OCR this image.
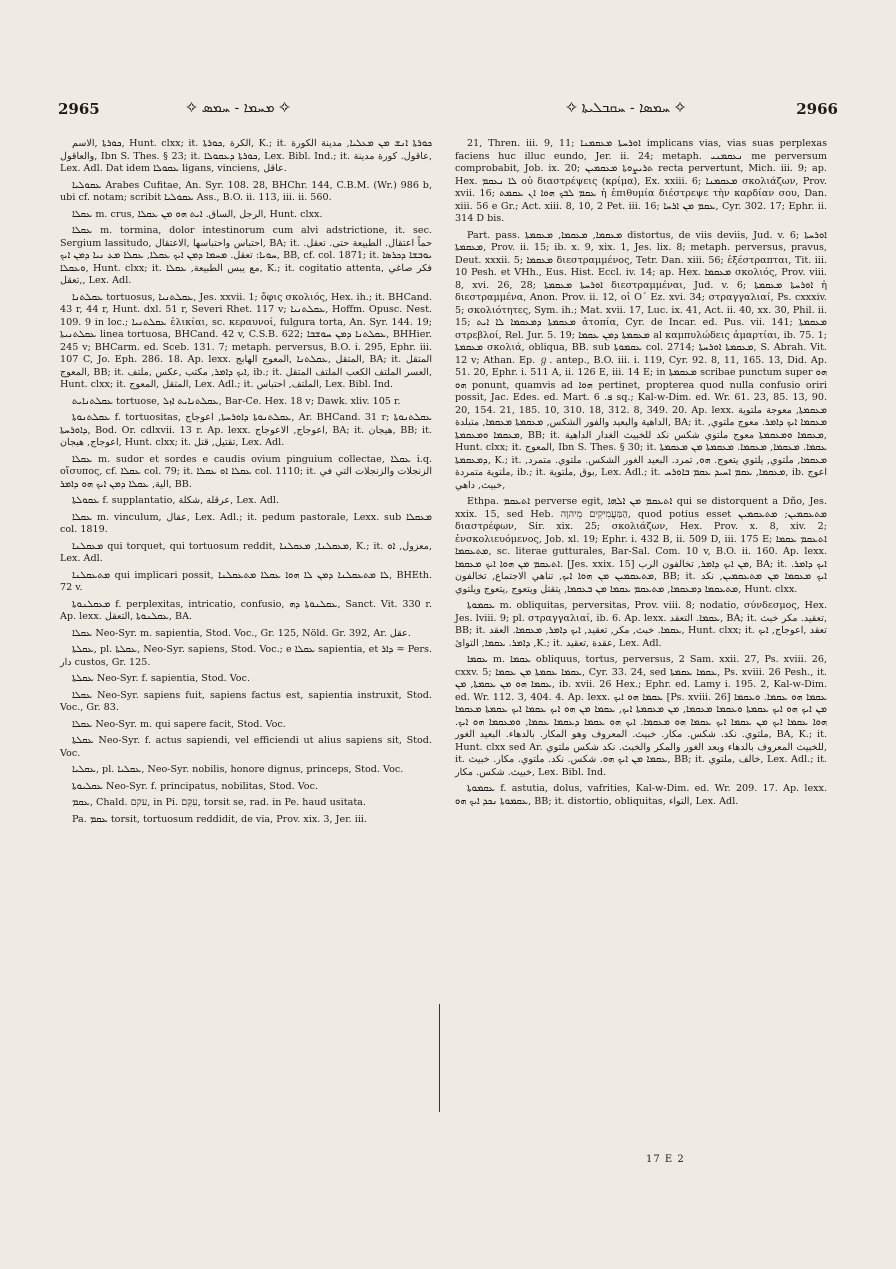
2965	✧ ܡܚܡܐ - ܚܡܣ ✧	✧ ܚܡܣܐ - ܚܩܒܠܝܬܐ ✧	2966

ܟܘܪܬܐ ,الاسم, Hunt. clxx; it. الكرة ,ܟܘܪܬܐ, K.; it. ܟܘܪܬܐ ܐܢܫ ܡܢ ܡܥܠܝܐ, مدينة الكورة والعاقول, Ibn S. Thes. § 23; it. ܟܘܪܬܐ ܕܥܩܘܠܐ, Lex. Bibl. Ind.; it. عاقول. كورة مدينة, Lex. Adl. Dat idem ܥܩܘܠܐ ligans, vinciens, عاقل.

ܥܩܘܠܝܐ Arabes Cufitae, An. Syr. 108. 28, BHChr. 144, C.B.M. (Wr.) 986 b, ubi cf. notam; scribit ܥܩܘܠܝܐ Ass., B.O. ii. 113, iii. ii. 560.

ܥܩܠܐ m. crus, الرجل ,الساق. ܐܝܬ ܗܘ ܡܢ ܥܩܠܐ, Hunt. clxx.

ܥܩܠܐ m. tormina, dolor intestinorum cum alvi adstrictione, it. sec. Sergium lassitudo, احتباس واحتباسها ,الاعتقال, BA; it. حماً اعتقال. الطبيعة حتى. تعقل. ܚܘܝܐ: تعقل. ܡܚܡܐ ܕܡܢ ܐܝܟ ܥܩܠܐ, ܥܩܠܐ ܡܥ ܢܝܐ ܕܡܢ ܐܝܟ, BB, cf. col. 1871; it. ܝܘܒܫܐ ܕܟܪܣܐ ܘܥܩܠܐ, Hunt. clxx; it. مع يبس الطبيعة, ܥܩܠܐ, K.; it. cogitatio attenta, فكر صاغي ,تعقل, Lex. Adl.

ܥܩܠܬܢܐ tortuosus, ܥܩܠܬܢܝܐ, Jes. xxvii. 1; ὄφις σκολιός, Hex. ih.; it. BHCand. 43 r, 44 r, Hunt. dxl. 51 r, Severi Rhet. 117 v; ܥܩܠܬܢܝܐ, Hoffm. Opusc. Nest. 109. 9 in loc.; ܥܩܠܬܢܝܐ ἑλικίαι, sc. κεραυνοί, fulgura torta, An. Syr. 144. 19; ܥܩܠܬܢܝܬܐ linea tortuosa, BHCand. 42 v, C.S.B. 622; ܥܩܠܬܢܐ ܕܡܢ ܚܘܫܒܐ, BHHier. 245 v; BHCarm. ed. Sceb. 131. 7; metaph. perversus, B.O. i. 295, Ephr. iii. 107 C, Jo. Eph. 286. 18. Ap. lexx. المتقل ,ܥܩܠܬܢܐ ,المعوج الهابج, BA; it. المتقل المعوج, BB; it. ܐܝܟ ܕܐܡܪ, مكتب ,عكس ,ملتف, ib.; it. العسر الملتف الكعب الملتف المتقل, Hunt. clxx; it. المتقل ,المعوج, Lex. Adl.; it. الملتف, احتباس, Lex. Bibl. Ind.

ܥܩܠܬܢܐܝܬ tortuose, ܥܩܠܬܢܐܝܬ ܐܙܠ, Bar-Ce. Hex. 18 v; Dawk. xliv. 105 r.

ܥܩܠܬܢܘܬܐ f. tortuositas, ܥܩܠܬܢܘܬܐ ܕܐܘܪܚܬܐ, اعوجاج, Ar. BHCand. 31 r; ܥܩܠܬܢܘܬܐ ܕܐܘܪܚܬܐ, Bod. Or. cdlxvii. 13 r. Ap. lexx. اعوجاج, الاعوجاج, BA; it. هيجان, BB; it. اعوجاج, هيجان, Hunt. clxx; it. تقتيل, قتل, Lex. Adl.

ܥܩܠܐ m. sudor et sordes e caudis ovium pinguium collectae, ܥܩܠܐ i.q. οἴσυπος, cf. ܥܩܠܐ col. 79; it. ܥܩܠܐ ܐܘ ܥܩܠܐ col. 1110; it. الزنجلات والزنجلات التي في الية, ܥܩܠܐ ܕܡܢ ܐܝܟ ܗܘ ܕܐܡܪ, BB.

ܥܩܘܠܬܐ f. supplantatio, عرقلة ,شكلة, Lex. Adl.

ܥܩܠܐ m. vinculum, عقال, Lex. Adl.; it. pedum pastorale, Lexx. sub ܡܥܩܠܐ col. 1819.

ܡܥܩܠܢܐ qui torquet, qui tortuosum reddit, ܡܥܩܠܢܐ, ܡܥܩܠܢܐ, K.; it. معزول, ܐܘ, Lex. Adl.

ܡܬܥܩܠܢܐ qui implicari possit, ܠܐ ܡܬܥܩܠܢܐ ܕܡܢ ܠܐ ܗܘܐ ܥܩܠܐ ܡܬܥܩܠܢܐ, BHEth. 72 v.

ܡܥܩܠܢܘܬܐ f. perplexitas, intricatio, confusio, ܥܩܠܢܘܬܐ ܕܗ, Sanct. Vit. 330 r. Ap. lexx. ܥܩܠܢܘܬܐ ,التعقل, BA.

ܥܩܠܐ Neo-Syr. m. sapientia, Stod. Voc., Gr. 125, Nöld. Gr. 392, Ar. عقل.

ܥܩܠܬܐ, pl. ܥܩܠܬܐ, Neo-Syr. sapiens, Stod. Voc.; e ܥܩܠܐ sapientia, et ܕܐܪ = Pers. دار custos, Gr. 125.

ܥܩܠܬܐ Neo-Syr. f. sapientia, Stod. Voc.

ܥܩܠܐ Neo-Syr. sapiens fuit, sapiens factus est, sapientia instruxit, Stod. Voc., Gr. 83.

ܥܩܠܐ Neo-Syr. m. qui sapere facit, Stod. Voc.

ܥܩܠܬܐ Neo-Syr. f. actus sapiendi, vel efficiendi ut alius sapiens sit, Stod. Voc.

ܥܩܠܝܐ, pl. ܥܩܠܝܐ, Neo-Syr. nobilis, honore dignus, princeps, Stod. Voc.

ܥܩܠܝܘܬܐ Neo-Syr. f. principatus, nobilitas, Stod. Voc.

ܥܩܡ, Chald. עקם, in Pi. עִקֵּם, torsit se, rad. in Pe. haud usitata.

Pa. ܥܩܡ torsit, tortuosum reddidit, de via, Prov. xix. 3, Jer. iii.

21, Thren. iii. 9, 11; ܐܘܪܚܬܐ ܡܥܩܡܢܐ implicans vias, vias suas perplexas faciens huc illuc eundo, Jer. ii. 24; metaph. ܢܥܩܡܢܝ me perversum comprobabit, Job. ix. 20; ܬܪܝܨܘܬܐ ܡܥܩܡܝܢ recta pervertunt, Mich. iii. 9; ap. Hex. ܠܐ ܢܥܩܡ οὐ διαστρέψεις (κρίμα), Ex. xxiii. 6; ܡܥܩܡܢܐ σκολιάζων, Prov. xvii. 16; ܥܩܡ ܠܒܟ ܗܘܐ ܐܢ ܥܩܡܬ ἡ ἐπιθυμία διέστρεψε τὴν καρδίαν σου, Dan. xiii. 56 e Gr.; Act. xiii. 8, 10, 2 Pet. iii. 16; ܥܩܡ ܡܢ ܐܪܚܐ, Cyr. 302. 17; Ephr. ii. 314 D bis.

Part. pass. ܡܥܩܡܐ, ܡܥܩܡܐ, ܡܥܩܡܬܐ distortus, de viis deviis, Jud. v. 6; ܐܘܪܚܬܐ ܡܥܩܡܬܐ, Prov. ii. 15; ib. x. 9, xix. 1, Jes. lix. 8; metaph. perversus, pravus, Deut. xxxii. 5; ܡܥܩܡܐ διεστραμμένος, Tetr. Dan. xiii. 56; ἐξέστραπται, Tit. iii. 10 Pesh. et VHh., Eus. Hist. Eccl. iv. 14; ap. Hex. ܡܥܩܡܐ σκολιός, Prov. viii. 8, xvi. 26, 28; ܐܘܪܚܬܐ ܡܥܩܡܬܐ διεστραμμέναι, Jud. v. 6; ܐܘܪܚܬܐ ܡܥܩܡܬܐ ἡ διεστραμμένα, Anon. Prov. ii. 12, οἱ Ο΄ Ez. xvi. 34; στραγγαλιαί, Ps. cxxxiv. 5; σκολιότητες, Sym. ih.; Mat. xvii. 17, Luc. ix. 41, Act. ii. 40, xx. 30, Phil. ii. 15; ܡܥܩܡܬܐ ܕܡܥܩܡܐ ܠܐ ܐܝܬ ἀτοπία, Cyr. de Incar. ed. Pus. vii. 141; ܡܥܩܡܬܐ στρεβλοί, Rel. Jur. 5. 19; ܡܥܩܡܬܐ ܕܡܢ ܥܩܡܐ al καμπυλώδεις ἁμαρτίαι, ib. 75. 1; ܡܥܩܡܬܐ σκολιά, obliqua, BB. sub ܥܩܡܘܬܐ col. 2714; ܡܥܩܡܬܐ ܐܘܪܚܬܐ, S. Abrah. Vit. 12 v; Athan. Ep. ℊ. antep., B.O. iii. i. 119, Cyr. 92. 8, 11, 165. 13, Did. Ap. 51. 20, Ephr. i. 511 A, ii. 126 E, iii. 14 E; in ܡܥܩܡܬܐ scribae punctum super ܗܘ ܗܘ ponunt, quamvis ad ܗܘܐ pertinet, propterea quod nulla confusio oriri possit, Jac. Edes. ed. Mart. ܦ. 6 sq.; Kal-w-Dim. ed. Wr. 61. 23, 85. 13, 90. 20, 154. 21, 185. 10, 310. 18, 312. 8, 349. 20. Ap. lexx. ܡܥܩܡܬܐ, معوجة ملتوية الداهية والبعيد والفور الشكس, ܡܥܩܡܬܐ ܡܥܩܡܐ, متبلدة, BA; it. ܡܥܩܡܐ ܐܝܟ ܕܐܡܪ. معوج ملتوي, ܡܥܩܡܐ ܘܡܥܩܡܬܐ, BB; it. ܡܥܩܡܐ ܘܡܥܩܡܬܐ معوج ملتوي شكس نكد للخبيث الغدار الداهية, Hunt. clxx; it. المعوج, Ibn S. Thes. § 30; it. ܥܩܡܐ. ܡܥܩܡܐ, ܡܥܩܡܐ. ܡܥܩܡܬܐ ܡܢ ܡܥܩܡܬܐ ܕܡܥܩܡܬܐ, K.; it. ܡܥܩܡܐ, ملتوي, يلتوي يتعوج. ܗܘ, تمرد. البعيد الغور الشكس. ملتوي. متمرد, ملتوية متمردة, ib.; it. بوق ,ملتوية, Lex. Adl.; it. ܡܥܩܡܐ, ܥܩܡ ܐܚܝܕ ܥܩܡ ܒܐܘܪܚ, ib. اعوج ,خبيث, داهي

Ethpa. ܐܬܥܩܡ perverse egit, ܐܬܥܩܡ ܡܢ ܐܠܗܐ qui se distorquent a Dño, Jes. xxix. 15, sed Heb. הַמַּעֲמִיקִים מֵיהוָה, quod potius esset ܡܬܥܩܡܝܢ; ܡܬܥܩܡܝܢ διαστρέφων, Sir. xix. 25; σκολιάζων, Hex. Prov. x. 8, xiv. 2; ἐνσκολιευόμενος, Job. xl. 19; Ephr. i. 432 B, ii. 509 D, iii. 175 E; ܐܬܥܩܡ ܥܩܡܐ ܡܬܥܩܡܐ, sc. literae gutturales, Bar-Sal. Com. 10 v, B.O. ii. 160. Ap. lexx. ܐܬܥܩܡ ܡܢ ܗܘܐ ܐܝܟ ܡܥܩܡܐ. [Jes. xxix. 15] ܡܢ ܐܝܟ ܕܐܡܪ, تخالفون الرب, BA; it. ܐܝܟ ܕܐܡܪ. ܡܬܥܩܡܝܢ ܡܢ ܗܘܐ ܐܝܟ, تناهي الاجتماع, تخالفون, BB; it. ܐܝܟ ܡܥܩܡܐ ܡܢ ܡܬܥܩܡܝܢ, نكد ܡܬܥܩܡܐ ܕܡܥܩܡܐ, ܡܬܥܩܡ ܥܩܡܐ ܡܢ ܒܥܩܡܐ, يتقتل ويتعوج ,يتعوج ويلتوي, Hunt. clxx.

ܥܩܡܘܬܐ m. obliquitas, perversitas, Prov. viii. 8; nodatio, σύνδεσμος, Hex. Jes. lviii. 9; pl. στραγγαλιαί, ib. 6. Ap. lexx. ܥܩܡܐ. التعقد, BA; it. تعقيد. مكر خبث, BB; it. ܥܩܡܐ. خبث, مكر, تعقيد, ܐܝܟ ܕܐܡܪ, ܡܥܩܡܐ. العقد, Hunt. clxx; it. تعقد ,اعوجاج, ܐܝܟ ܕܐܡܪ. ܥܩܡܐ, التوائ ,K.; it. عقدة ,تعقيد, Lex. Adl.

ܥܩܡܐ m. ܥܩܡܐ obliquus, tortus, perversus, 2 Sam. xxii. 27, Ps. xviii. 26, cxxv. 5; ܥܩܡܐ ܥܩܡܬܐ ܡܢ ܥܩܡܐ, Cyr. 33. 24, sed ܥܩܡܐ ܥܩܡܬܐ, Ps. xviii. 26 Pesh., it. ܥܩܡܐ ܗܘ ܡܢ ܥܩܡܬܐ, ܡܢ, ib. xvii. 26 Hex.; Ephr. ed. Lamy i. 195. 2, Kal-w-Dim. ed. Wr. 112. 3, 404. 4. Ap. lexx. ܥܩܡܐ ܗܘ ܐܝܟ [Ps. xviii. 26] ܥܩܡܐ ܗܘ ܥܩܡܐ. ܘܥܩܡܐ ܡܢ ܐܝܟ ܗܘ ܐܝܟ ܥܩܡܬܐ ܘܥܩܡܐ ܡܥܩܡܐ, ܡܢ ܡܥܩܡܬܐ ܐܝܟ, ܥܩܡܐ ܡܢ ܗܘ ܐܝܟ ܥܩܡܐ ܐܝܟ ܥܩܡܬܐ ܡܥܩܡܐ ܗܘܐ ܥܩܡܐ ܐܝܟ ܡܢ ܥܩܡܐ ܐܝܟ ܥܩܡܐ ܗܘ ܡܥܩܡܐ. ܐܝܟ ܗܘ ܥܩܡܐ ܕܥܩܡܐ ܥܩܡܐ, ܘܡܥܩܡܐ ܗܘ ܐܝܟ. ملتوي. نكد. شكس. مكار. خبيث. المعروف وهو المكار. بالدهاء. البعيد الغور, BA, K.; it. Hunt. clxx sed Ar. للخبيث المعروف بالدهاء وبعد الغور والمكر والخبث. نكد شكس ملتوي, it. ܥܩܡܐ ܡܢ ܐܝܟ ܗܘ. شكس. نكد. ملتوي. مكار. خبيث, BB; it. خالف ,ملتوي, Lex. Adl.; it. خبيث. شكس. مكار, Lex. Bibl. Ind.

ܥܩܡܘܬܐ f. astutia, dolus, vafrities, Kal-w-Dim. ed. Wr. 209. 17. Ap. lexx. ܥܩܡܘܬܐ ܢܟܕ ܐܝܟ ܗܘ, BB; it. distortio, obliquitas, التواء, Lex. Adl.

17 E 2
